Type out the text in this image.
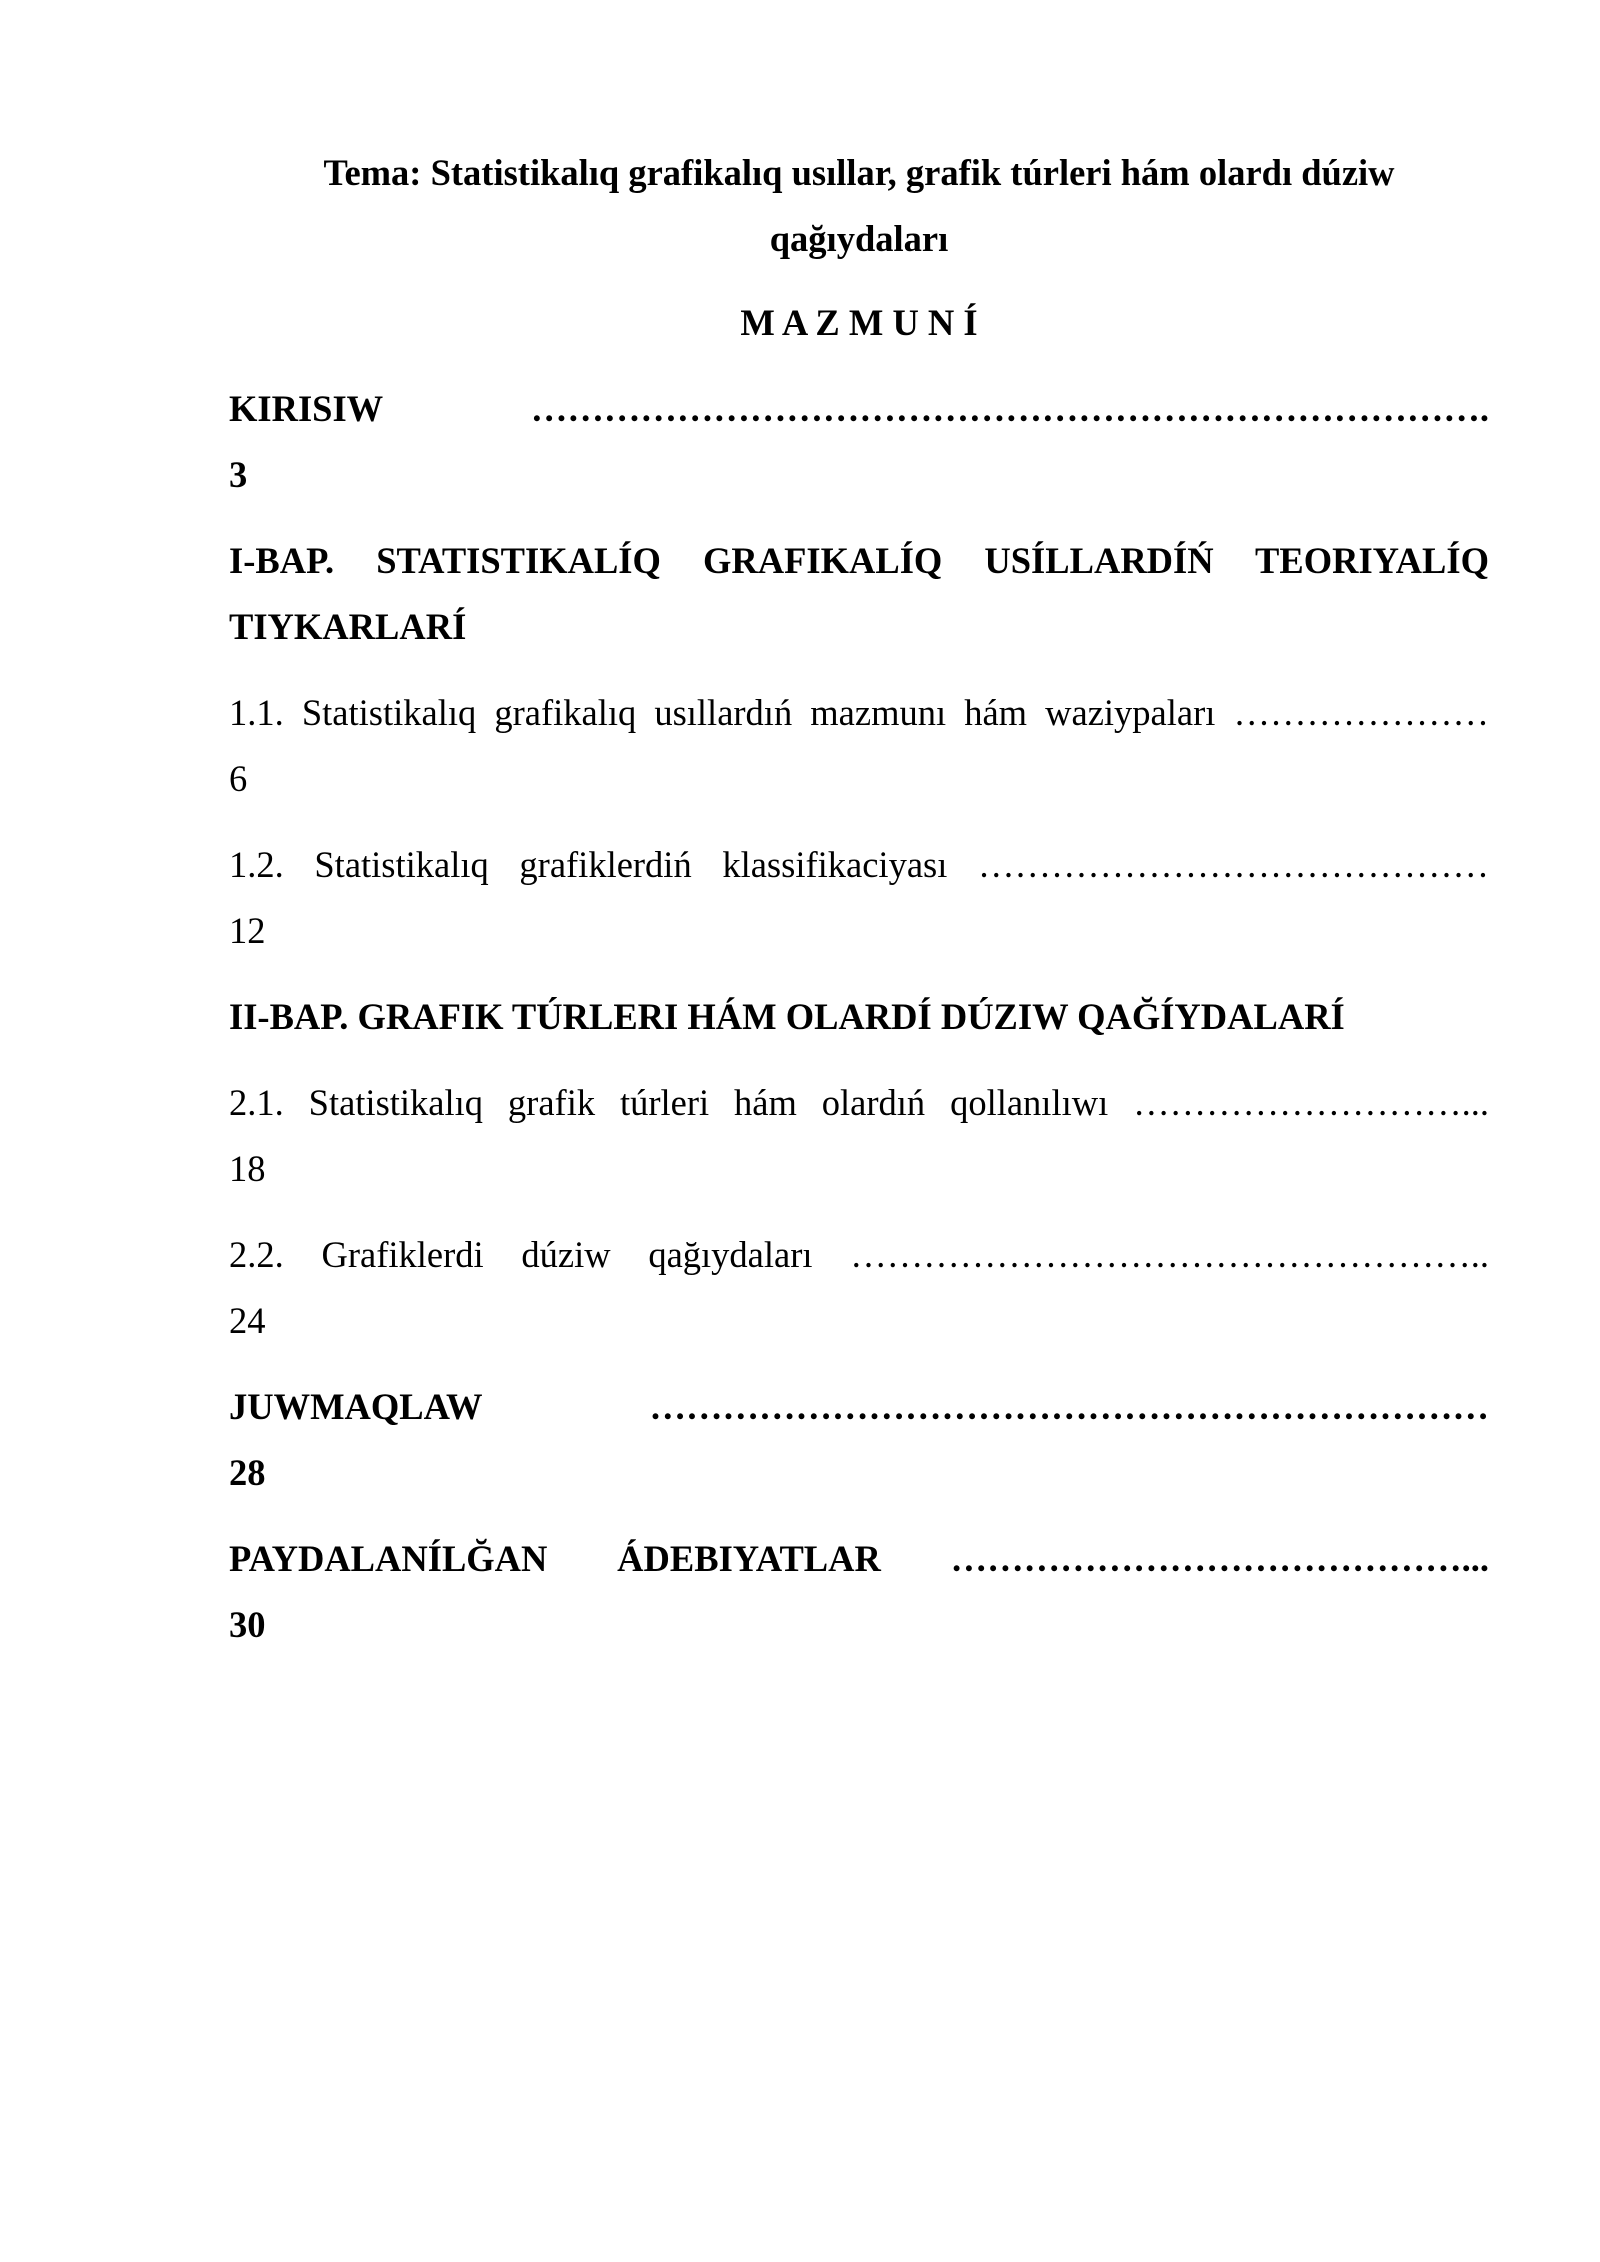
Tema: Statistikalıq grafikalıq usıllar, grafik túrleri hám olardı dúziw
qağıydaları

M A Z M U N Í

KIRISIW …………………………………………………………………….
3

I-BAP. STATISTIKALÍQ GRAFIKALÍQ USÍLLARDÍŃ TEORIYALÍQ
TIYKARLARÍ

1.1. Statistikalıq grafikalıq usıllardıń mazmunı hám waziypaları …………………
6

1.2. Statistikalıq grafiklerdiń klassifikaciyası ……………………………………
12

II-BAP. GRAFIK TÚRLERI HÁM OLARDÍ DÚZIW QAĞÍYDALARÍ

2.1. Statistikalıq grafik túrleri hám olardıń qollanılıwı ………………………...
18

2.2. Grafiklerdi dúziw qağıydaları ……………………………………………..
24

JUWMAQLAW ……………………………………………………………
28

PAYDALANÍLĞAN ÁDEBIYATLAR ……………………………………...
30
